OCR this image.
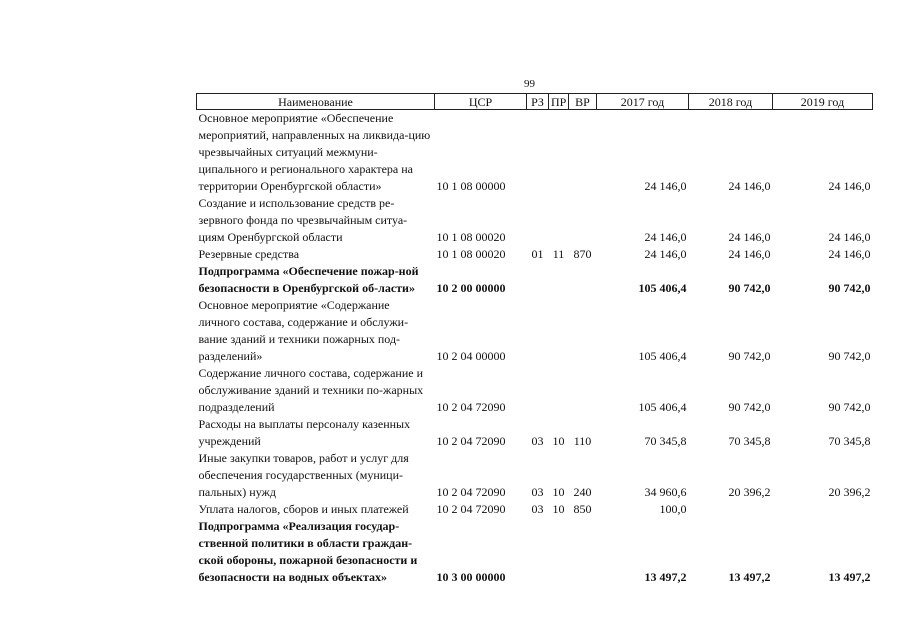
99
Наименование	ЦСР	РЗ	ПР	ВР	2017 год	2018 год	2019 год
Основное мероприятие «Обеспечение мероприятий, направленных на ликвида-цию чрезвычайных ситуаций межмуни-ципального и регионального характера на территории Оренбургской области»	10 1 08 00000				24 146,0	24 146,0	24 146,0
Создание и использование средств ре-зервного фонда по чрезвычайным ситуа-циям Оренбургской области	10 1 08 00020				24 146,0	24 146,0	24 146,0
Резервные средства	10 1 08 00020	01	11	870	24 146,0	24 146,0	24 146,0
Подпрограмма «Обеспечение пожар-ной безопасности в Оренбургской об-ласти»	10 2 00 00000				105 406,4	90 742,0	90 742,0
Основное мероприятие «Содержание личного состава, содержание и обслужи-вание зданий и техники пожарных под-разделений»	10 2 04 00000				105 406,4	90 742,0	90 742,0
Содержание личного состава, содержание и обслуживание зданий и техники по-жарных подразделений	10 2 04 72090				105 406,4	90 742,0	90 742,0
Расходы на выплаты персоналу казенных учреждений	10 2 04 72090	03	10	110	70 345,8	70 345,8	70 345,8
Иные закупки товаров, работ и услуг для обеспечения государственных (муници-пальных) нужд	10 2 04 72090	03	10	240	34 960,6	20 396,2	20 396,2
Уплата налогов, сборов и иных платежей	10 2 04 72090	03	10	850	100,0		
Подпрограмма «Реализация государ-ственной политики в области граждан-ской обороны, пожарной безопасности и безопасности на водных объектах»	10 3 00 00000				13 497,2	13 497,2	13 497,2
